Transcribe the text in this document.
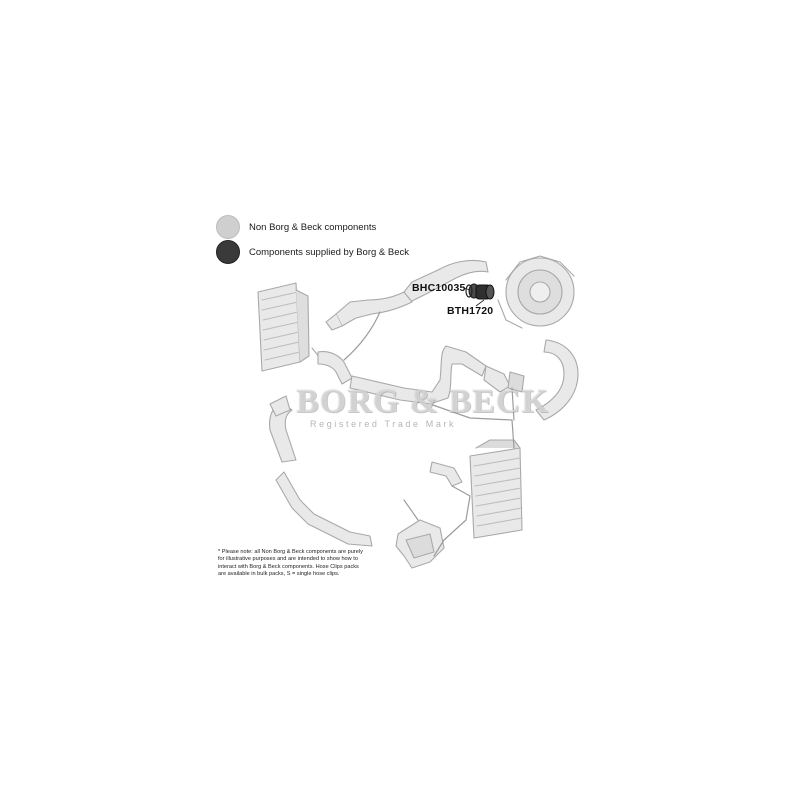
Non Borg & Beck components
Components supplied by Borg & Beck
BHC10035
BTH1720
BORG & BECK
Registered Trade Mark
* Please note: all Non Borg & Beck components are purely for illustrative purposes and are intended to show how to interact with Borg & Beck components. Hose Clips packs are available in bulk packs, S = single hose clips.
